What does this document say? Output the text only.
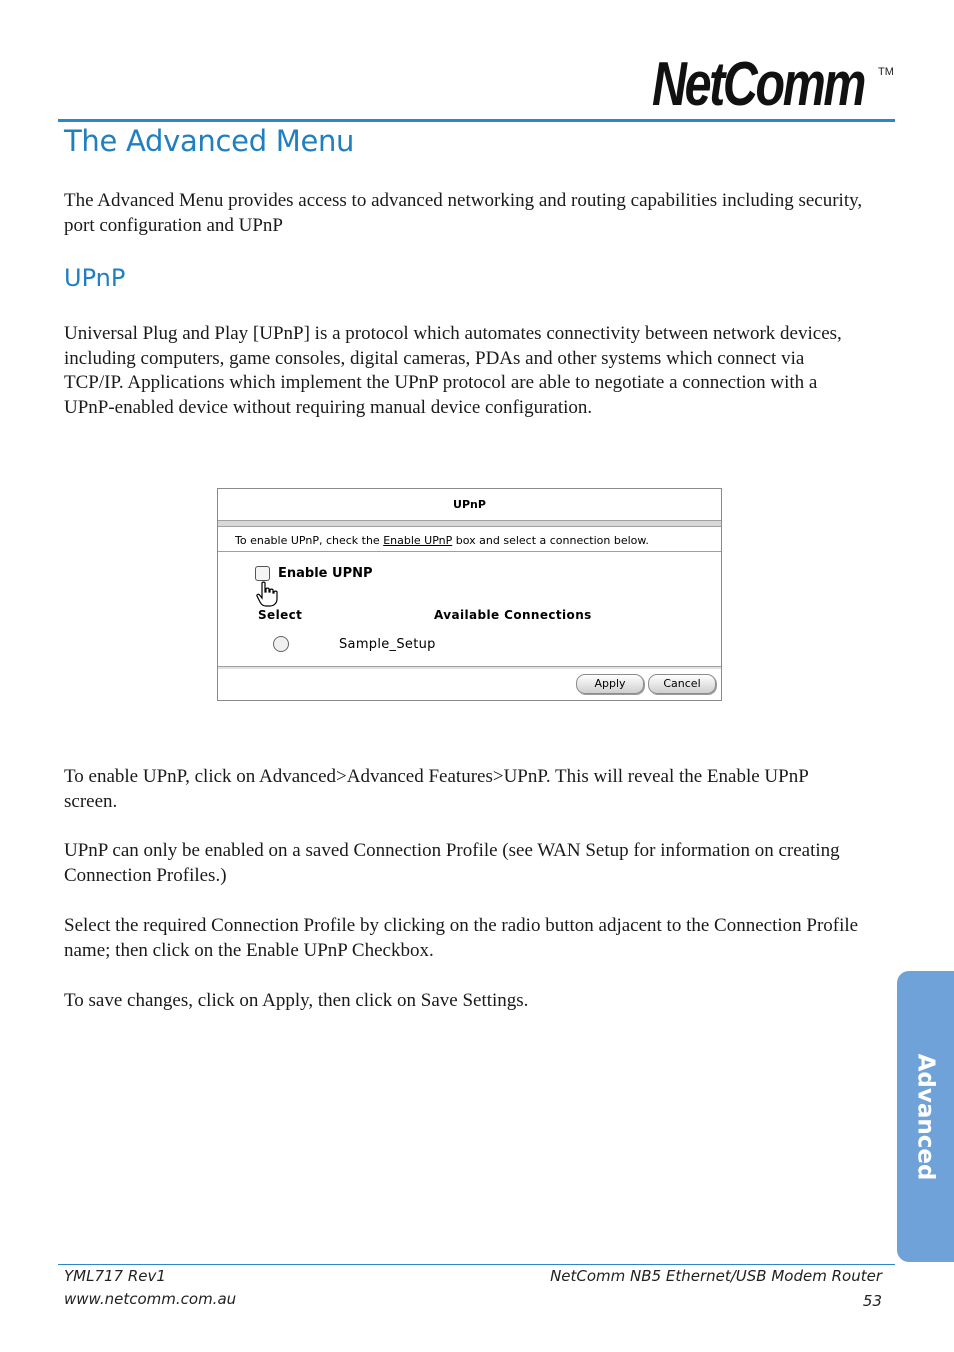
NetComm TM
The Advanced Menu

The Advanced Menu provides access to advanced networking and routing capabilities including security, port configuration and UPnP

UPnP

Universal Plug and Play [UPnP] is a protocol which automates connectivity between network devices, including computers, game consoles, digital cameras, PDAs and other systems which connect via TCP/IP. Applications which implement the UPnP protocol are able to negotiate a connection with a UPnP-enabled device without requiring manual device configuration.

UPnP
To enable UPnP, check the Enable UPnP box and select a connection below.
Enable UPNP
Select	Available Connections
Sample_Setup
Apply	Cancel

To enable UPnP, click on Advanced>Advanced Features>UPnP. This will reveal the Enable UPnP screen.

UPnP can only be enabled on a saved Connection Profile (see WAN Setup for information on creating Connection Profiles.)

Select the required Connection Profile by clicking on the radio button adjacent to the Connection Profile name; then click on the Enable UPnP Checkbox.

To save changes, click on Apply, then click on Save Settings.

Advanced
YML717 Rev1
www.netcomm.com.au
NetComm NB5 Ethernet/USB Modem Router
53
